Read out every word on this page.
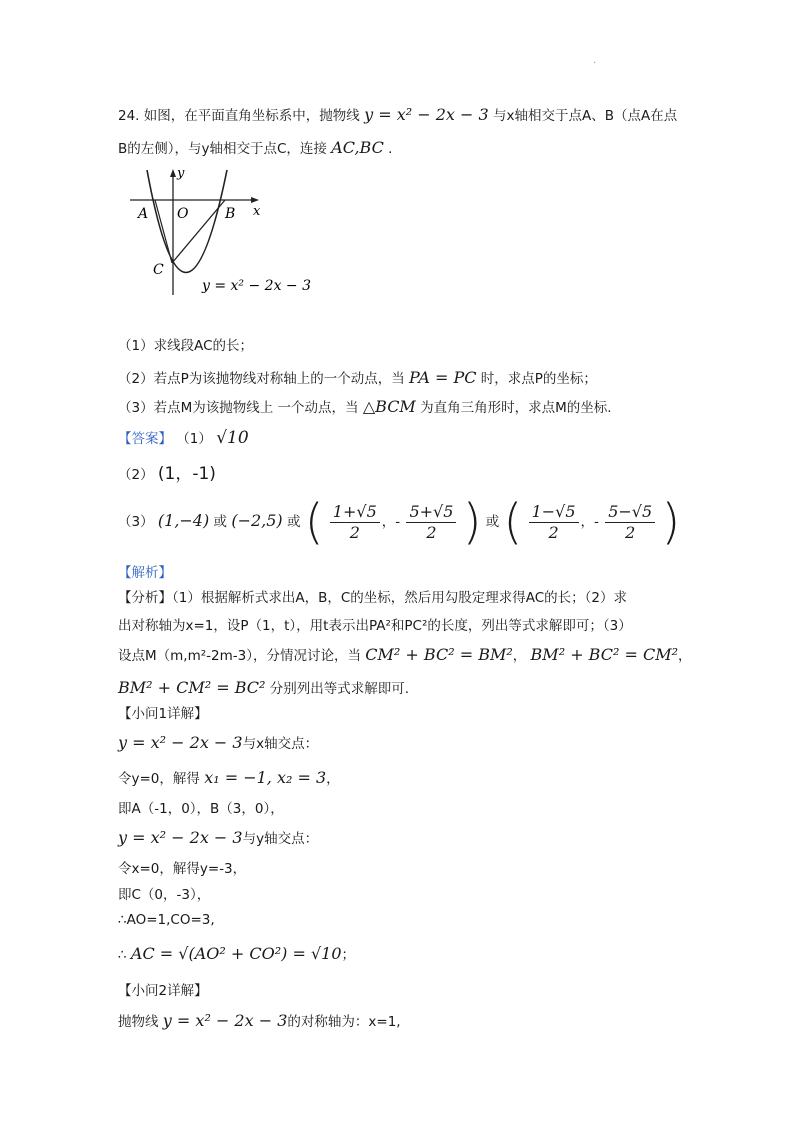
.
24. 如图，在平面直角坐标系中，抛物线 y = x² − 2x − 3 与x轴相交于点A、B（点A在点
B的左侧），与y轴相交于点C，连接 AC,BC .
y
x
A O	B
C
y = x² − 2x − 3
（1）求线段AC的长；
（2）若点P为该抛物线对称轴上的一个动点，当 PA = PC 时，求点P的坐标；
（3）若点M为该抛物线上 一个动点，当 △BCM 为直角三角形时，求点M的坐标.
【答案】 （1） √10
（2） (1，-1)
（3） (1,−4) 或 (−2,5) 或 ( $\frac{1+√5}{2}$ ，- $\frac{5+√5}{2}$ ) 或 ( $\frac{1-√5}{2}$ ，- $\frac{5-√5}{2}$ )
【解析】
【分析】（1）根据解析式求出A，B，C的坐标，然后用勾股定理求得AC的长；（2）求
出对称轴为x=1，设P（1，t），用t表示出PA²和PC²的长度，列出等式求解即可；（3）
设点M（m,m²-2m-3），分情况讨论，当 CM² + BC² = BM²， BM² + BC² = CM²，
BM² + CM² = BC² 分别列出等式求解即可.
【小问1详解】
y = x² − 2x − 3与x轴交点：
令y=0，解得 x₁ = −1, x₂ = 3，
即A（-1，0），B（3，0），
y = x² − 2x − 3与y轴交点：
令x=0，解得y=-3，
即C（0，-3），
∴AO=1,CO=3,
∴ AC = √(AO² + CO²) = √10；
【小问2详解】
抛物线 y = x² − 2x − 3的对称轴为：x=1,
